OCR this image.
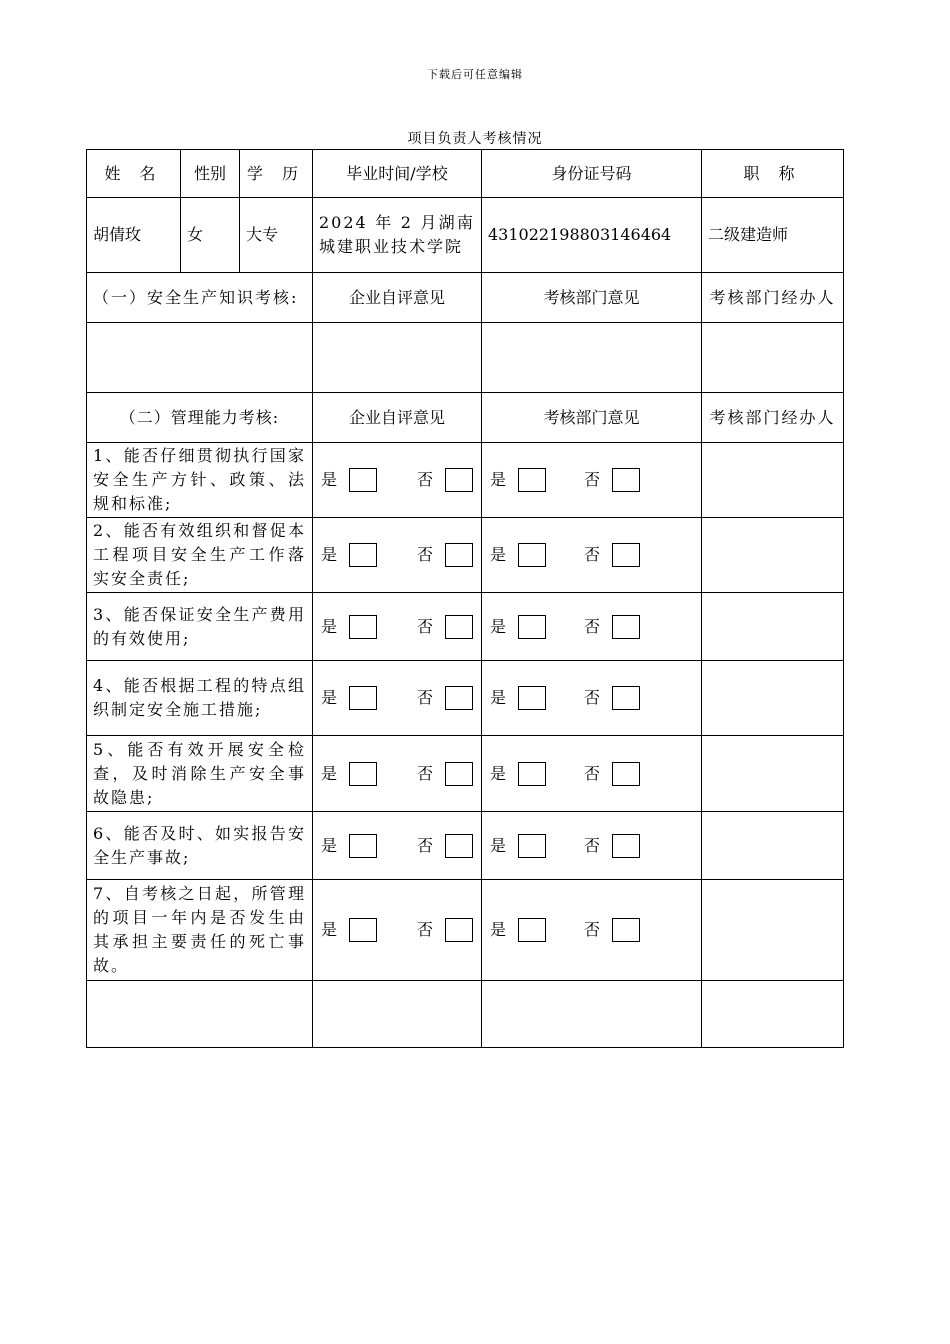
下载后可任意编辑
项目负责人考核情况
姓 名	性别	学 历	毕业时间/学校	身份证号码	职 称
胡倩玫	女	大专	2024 年 2 月湖南城建职业技术学院	431022198803146464	二级建造师
（一）安全生产知识考核:			企业自评意见	考核部门意见	考核部门经办人

（二）管理能力考核:			企业自评意见	考核部门意见	考核部门经办人
1、能否仔细贯彻执行国家安全生产方针、政策、法规和标准;			是 否	是 否	

2、能否有效组织和督促本工程项目安全生产工作落实安全责任;			是 否	是 否	

3、能否保证安全生产费用的有效使用;			是 否	是 否	

4、能否根据工程的特点组织制定安全施工措施;			是 否	是 否	

5、能否有效开展安全检查，及时消除生产安全事故隐患;			是 否	是 否	

6、能否及时、如实报告安全生产事故;			是 否	是 否	

7、自考核之日起，所管理的项目一年内是否发生由其承担主要责任的死亡事故。			是 否	是 否	
